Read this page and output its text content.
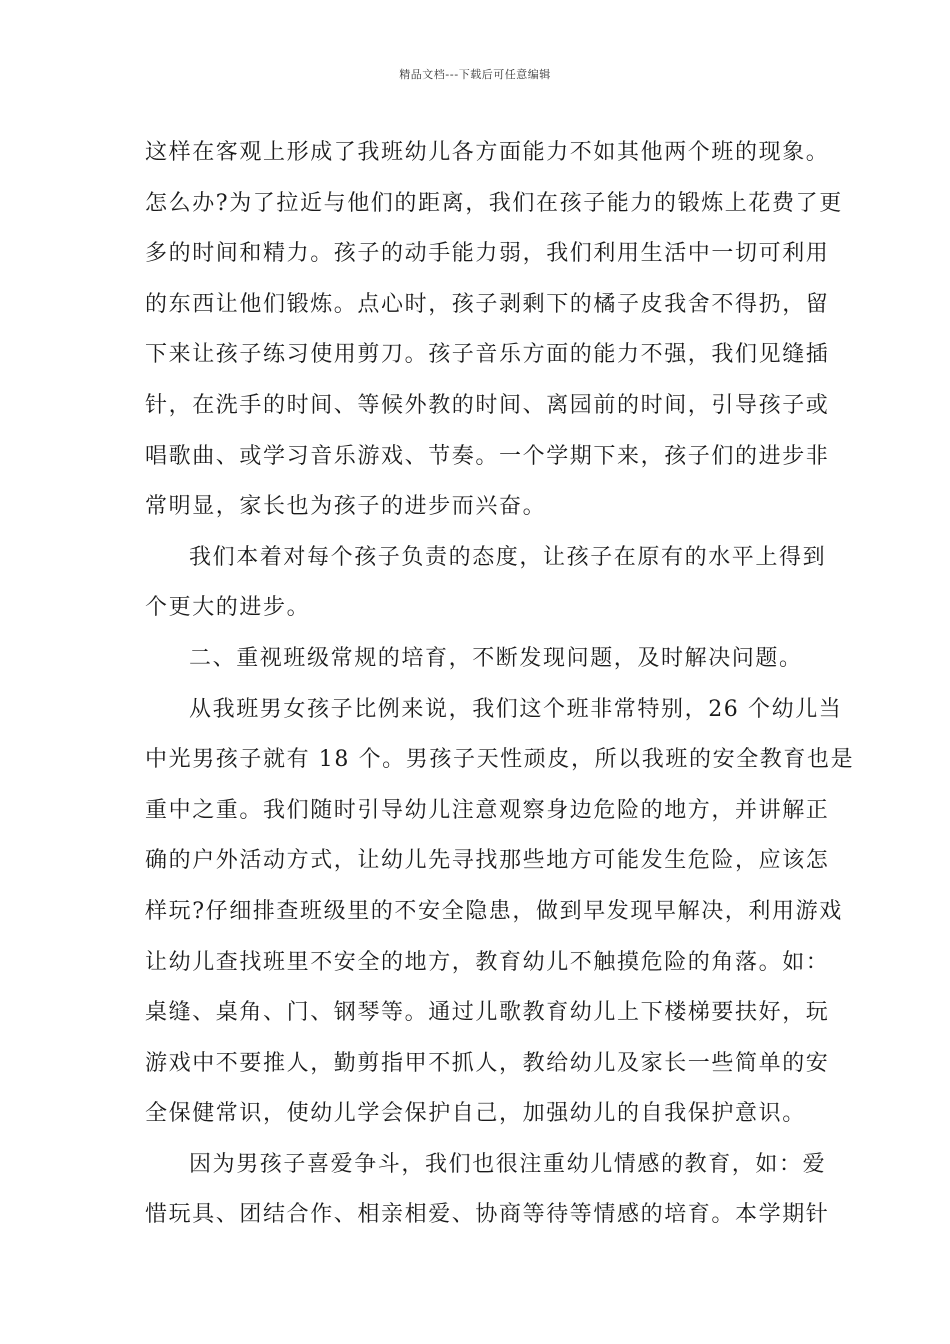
精品文档---下载后可任意编辑
这样在客观上形成了我班幼儿各方面能力不如其他两个班的现象。
怎么办?为了拉近与他们的距离，我们在孩子能力的锻炼上花费了更
多的时间和精力。孩子的动手能力弱，我们利用生活中一切可利用
的东西让他们锻炼。点心时，孩子剥剩下的橘子皮我舍不得扔，留
下来让孩子练习使用剪刀。孩子音乐方面的能力不强，我们见缝插
针，在洗手的时间、等候外教的时间、离园前的时间，引导孩子或
唱歌曲、或学习音乐游戏、节奏。一个学期下来，孩子们的进步非
常明显，家长也为孩子的进步而兴奋。
我们本着对每个孩子负责的态度，让孩子在原有的水平上得到
个更大的进步。
二、重视班级常规的培育，不断发现问题，及时解决问题。
从我班男女孩子比例来说，我们这个班非常特别，26 个幼儿当
中光男孩子就有 18 个。男孩子天性顽皮，所以我班的安全教育也是
重中之重。我们随时引导幼儿注意观察身边危险的地方，并讲解正
确的户外活动方式，让幼儿先寻找那些地方可能发生危险，应该怎
样玩?仔细排查班级里的不安全隐患，做到早发现早解决，利用游戏
让幼儿查找班里不安全的地方，教育幼儿不触摸危险的角落。如：
桌缝、桌角、门、钢琴等。通过儿歌教育幼儿上下楼梯要扶好，玩
游戏中不要推人，勤剪指甲不抓人，教给幼儿及家长一些简单的安
全保健常识，使幼儿学会保护自己，加强幼儿的自我保护意识。
因为男孩子喜爱争斗，我们也很注重幼儿情感的教育，如：爱
惜玩具、团结合作、相亲相爱、协商等待等情感的培育。本学期针
